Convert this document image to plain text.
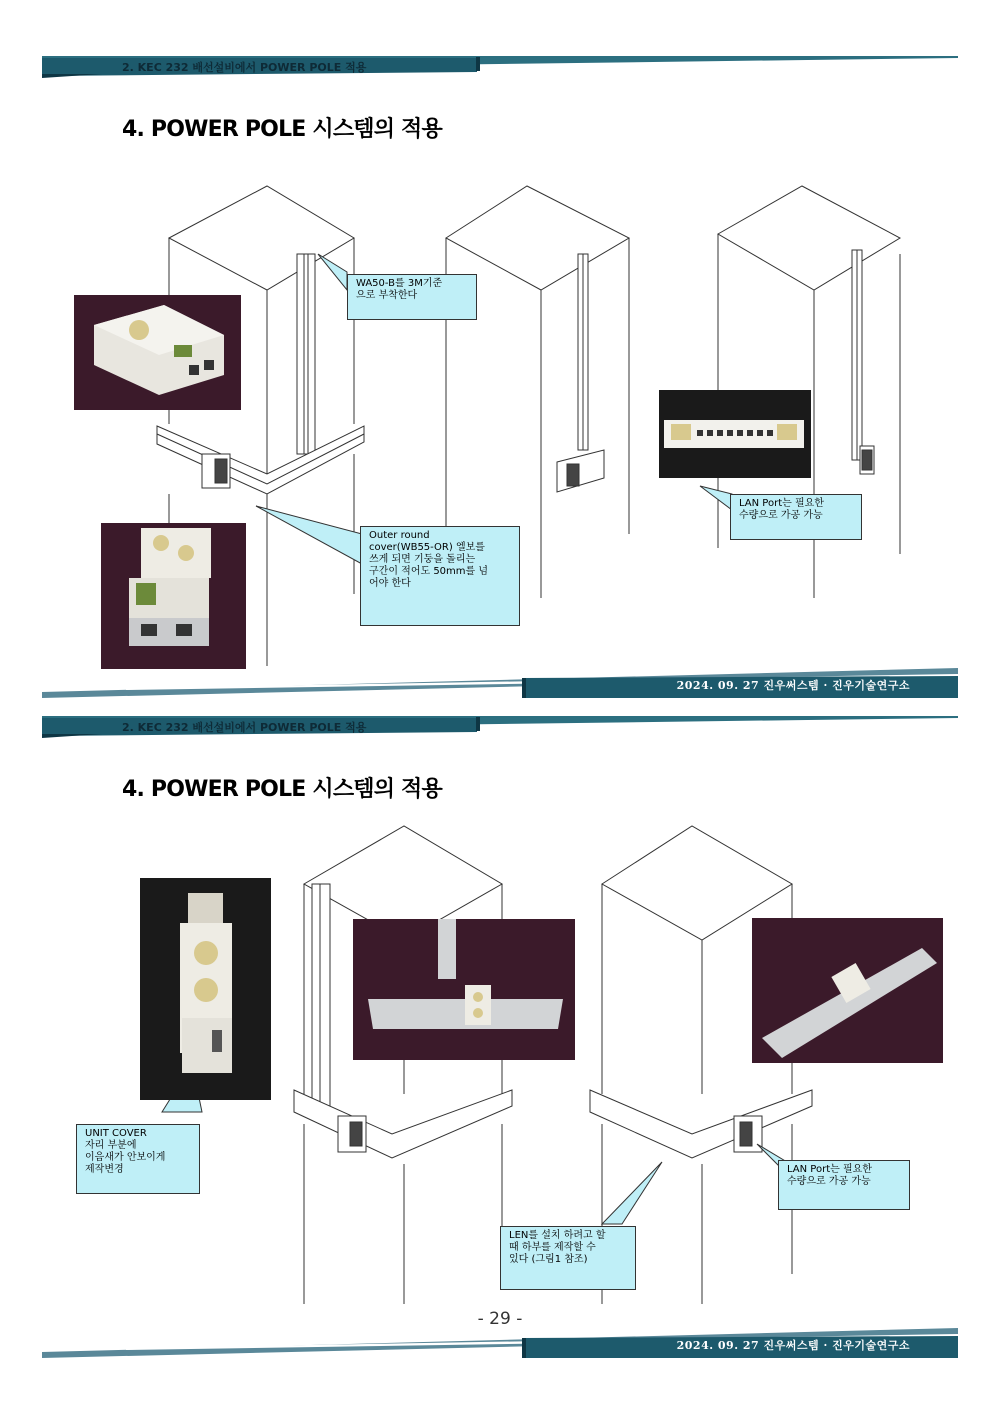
2. KEC 232 배선설비에서 POWER POLE 적용
4. POWER POLE 시스템의 적용
WA50-B를 3M기준
으로 부착한다
LAN Port는 필요한
수량으로 가공 가능
Outer round
cover(WB55-OR) 엘보를
쓰게 되면 기둥을 돌리는
구간이 적어도 50mm를 넘
어야 한다
2024. 09. 27 진우써스템 · 진우기술연구소
2. KEC 232 배선설비에서 POWER POLE 적용
4. POWER POLE 시스템의 적용
UNIT COVER
자리 부분에
이음새가 안보이게
제작변경	LAN Port는 필요한
수량으로 가공 가능
LEN를 설치 하려고 할
때 하부를 제작할 수
있다 (그림1 참조)
2024. 09. 27 진우써스템 · 진우기술연구소
- 29 -
